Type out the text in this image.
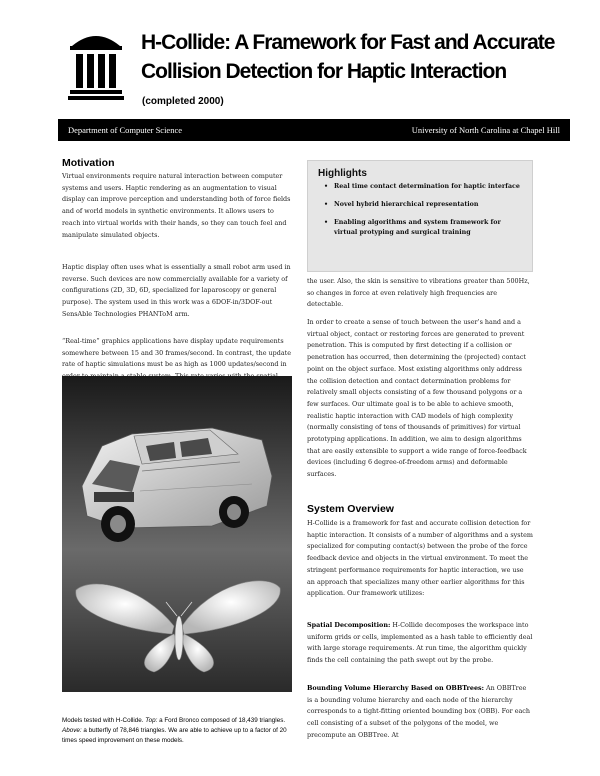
H-Collide: A Framework for Fast and Accurate Collision Detection for Haptic Interaction
(completed 2000)
Department of Computer Science	University of North Carolina at Chapel Hill
Motivation

Virtual environments require natural interaction between computer systems and users. Haptic rendering as an augmentation to visual display can improve perception and understanding both of force fields and of world models in synthetic environments. It allows users to reach into virtual worlds with their hands, so they can touch feel and manipulate simulated objects.

Haptic display often uses what is essentially a small robot arm used in reverse. Such devices are now commercially available for a variety of configurations (2D, 3D, 6D, specialized for laparoscopy or general purpose). The system used in this work was a 6DOF-in/3DOF-out SensAble Technologies PHANToM arm.

“Real-time” graphics applications have display update requirements somewhere between 15 and 30 frames/second. In contrast, the update rate of haptic simulations must be as high as 1000 updates/second in

Models tested with H-Collide. Top: a Ford Bronco composed of 18,439 triangles. Above: a butterfly of 78,846 triangles. We are able to achieve up to a factor of 20 times speed improvement on these models.
Highlights
• Real time contact determination for haptic interface
• Novel hybrid hierarchical representation
• Enabling algorithms and system framework for virtual protyping and surgical training

the user. Also, the skin is sensitive to vibrations greater than 500Hz, so changes in force at even relatively high frequencies are detectable.

In order to create a sense of touch between the user’s hand and a virtual object, contact or restoring forces are generated to prevent penetration. This is computed by first detecting if a collision or penetration has occurred, then determining the (projected) contact point on the object surface. Most existing algorithms only address the collision detection and contact determination problems for relatively small objects consisting of a few thousand polygons or a few surfaces. Our ultimate goal is to be able to achieve smooth, realistic haptic interaction with CAD models of high complexity (normally consisting of tens of thousands of primitives) for virtual prototyping applications. In addition, we aim to design algorithms that are easily extensible to support a wide range of force-feedback devices (including 6 degree-of-freedom arms) and deformable surfaces.

System Overview

H-Collide is a framework for fast and accurate collision detection for haptic interaction. It consists of a number of algorithms and a system specialized for computing contact(s) between the probe of the force feedback device and objects in the virtual environment. To meet the stringent performance requirements for haptic interaction, we use an approach that specializes many other earlier algorithms for this application. Our framework utilizes:

Spatial Decomposition: H-Collide decomposes the workspace into uniform grids or cells, implemented as a hash table to efficiently deal with large storage requirements. At run time, the algorithm quickly finds the cell containing the path swept out by the probe.

Bounding Volume Hierarchy Based on OBBTrees: An OBBTree is a bounding volume hierarchy and each node of the hierarchy corresponds to a tight-fitting oriented bounding box (OBB). For each cell consisting of a subset of the polygons of the model, we precompute an OBBTree. At
